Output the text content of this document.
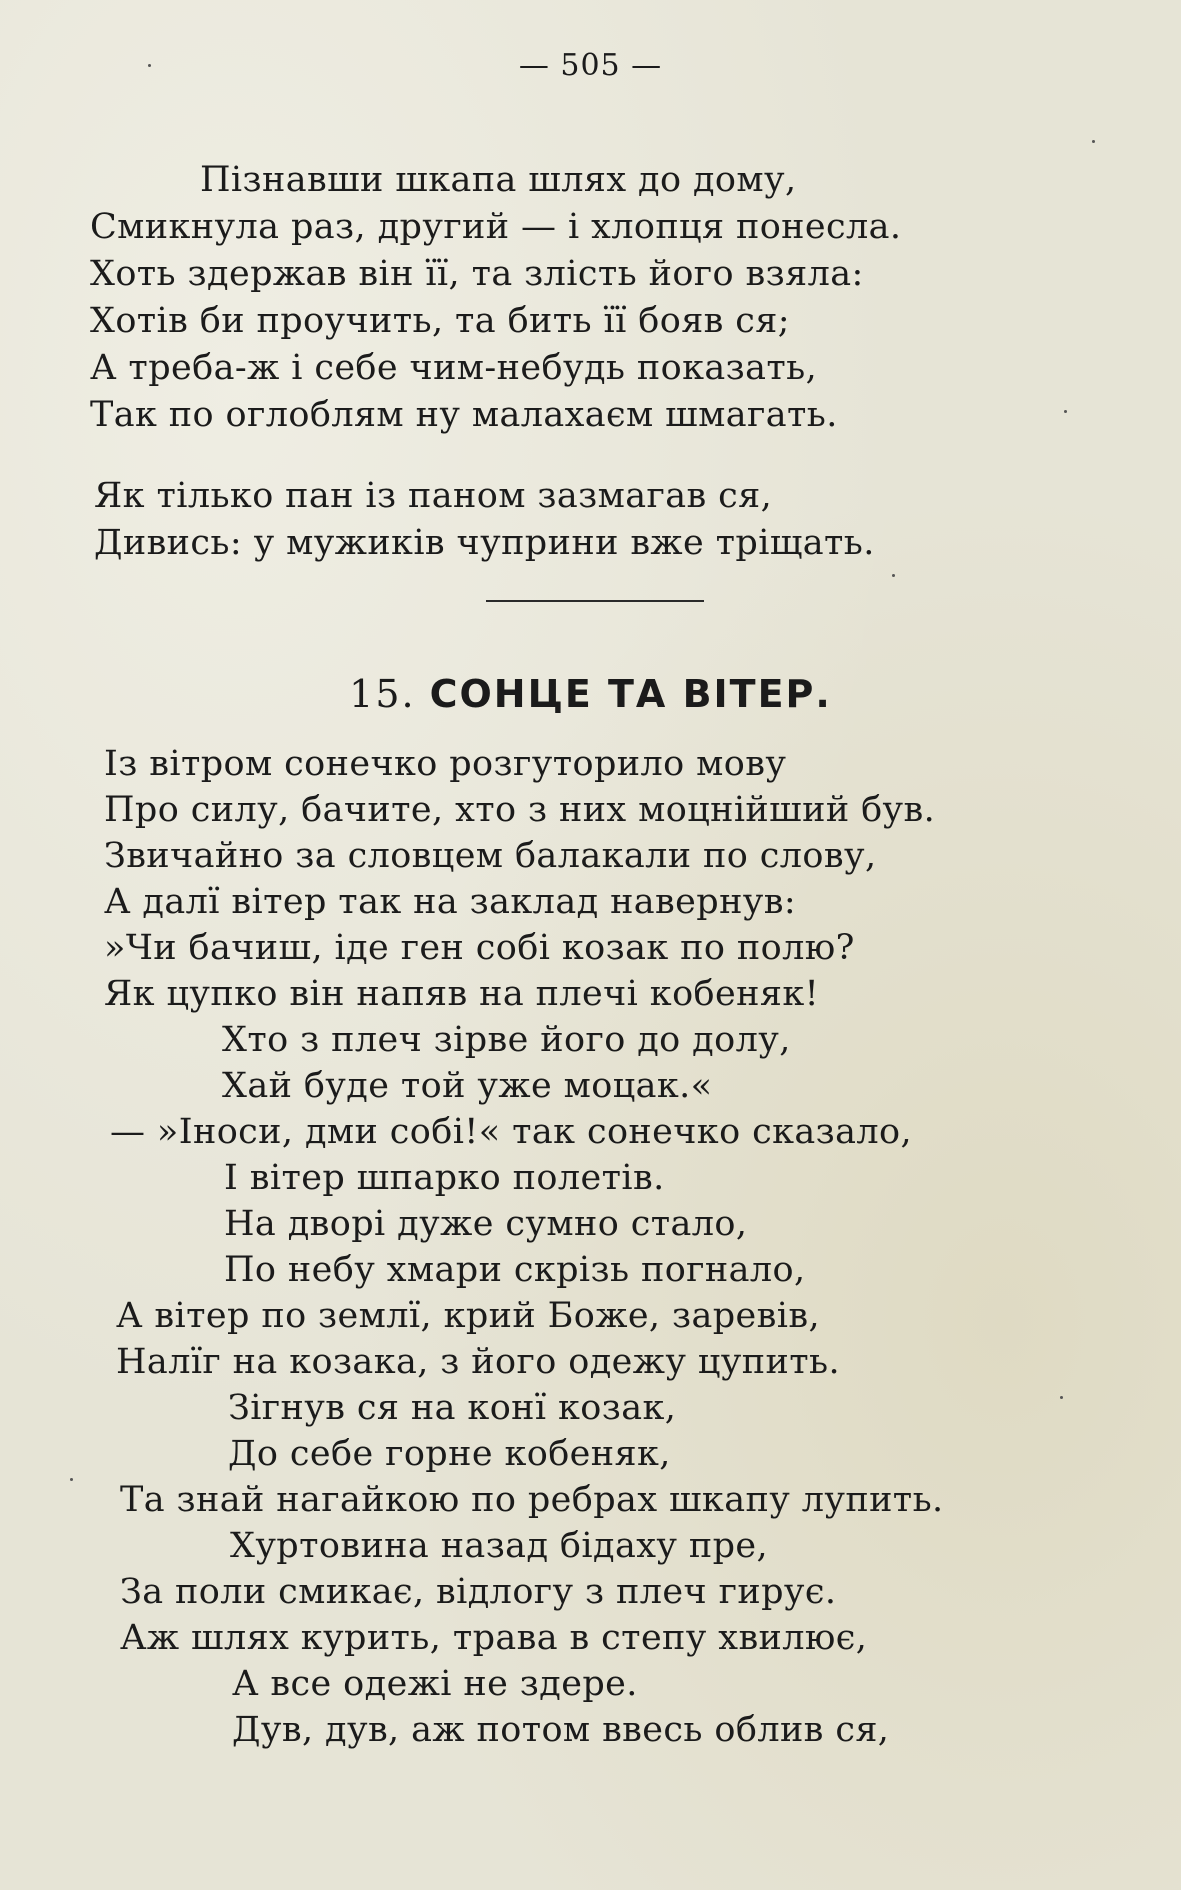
— 505 —
Пізнавши шкапа шлях до дому,
Смикнула раз, другий — і хлопця понесла.
Хоть здержав він її, та злість його взяла:
Хотів би проучить, та бить її бояв ся;
А треба-ж і себе чим-небудь показать,
Так по оглоблям ну малахаєм шмагать.
Як тілько пан із паном зазмагав ся,
Дивись: у мужиків чуприни вже тріщать.
15. СОНЦЕ ТА ВІТЕР.
Із вітром сонечко розгуторило мову
Про силу, бачите, хто з них моцнійший був.
Звичайно за словцем балакали по слову,
А далї вітер так на заклад навернув:
»Чи бачиш, іде ген собі козак по полю?
Як цупко він напяв на плечі кобеняк!
Хто з плеч зірве його до долу,
Хай буде той уже моцак.«
— »Іноси, дми собі!« так сонечко сказало,
І вітер шпарко полетів.
На дворі дуже сумно стало,
По небу хмари скрізь погнало,
А вітер по землї, крий Боже, заревів,
Налїг на козака, з його одежу цупить.
Зігнув ся на конї козак,
До себе горне кобеняк,
Та знай нагайкою по ребрах шкапу лупить.
Хуртовина назад бідаху пре,
За поли смикає, відлогу з плеч гирує.
Аж шлях курить, трава в степу хвилює,
А все одежі не здере.
Дув, дув, аж потом ввесь облив ся,
